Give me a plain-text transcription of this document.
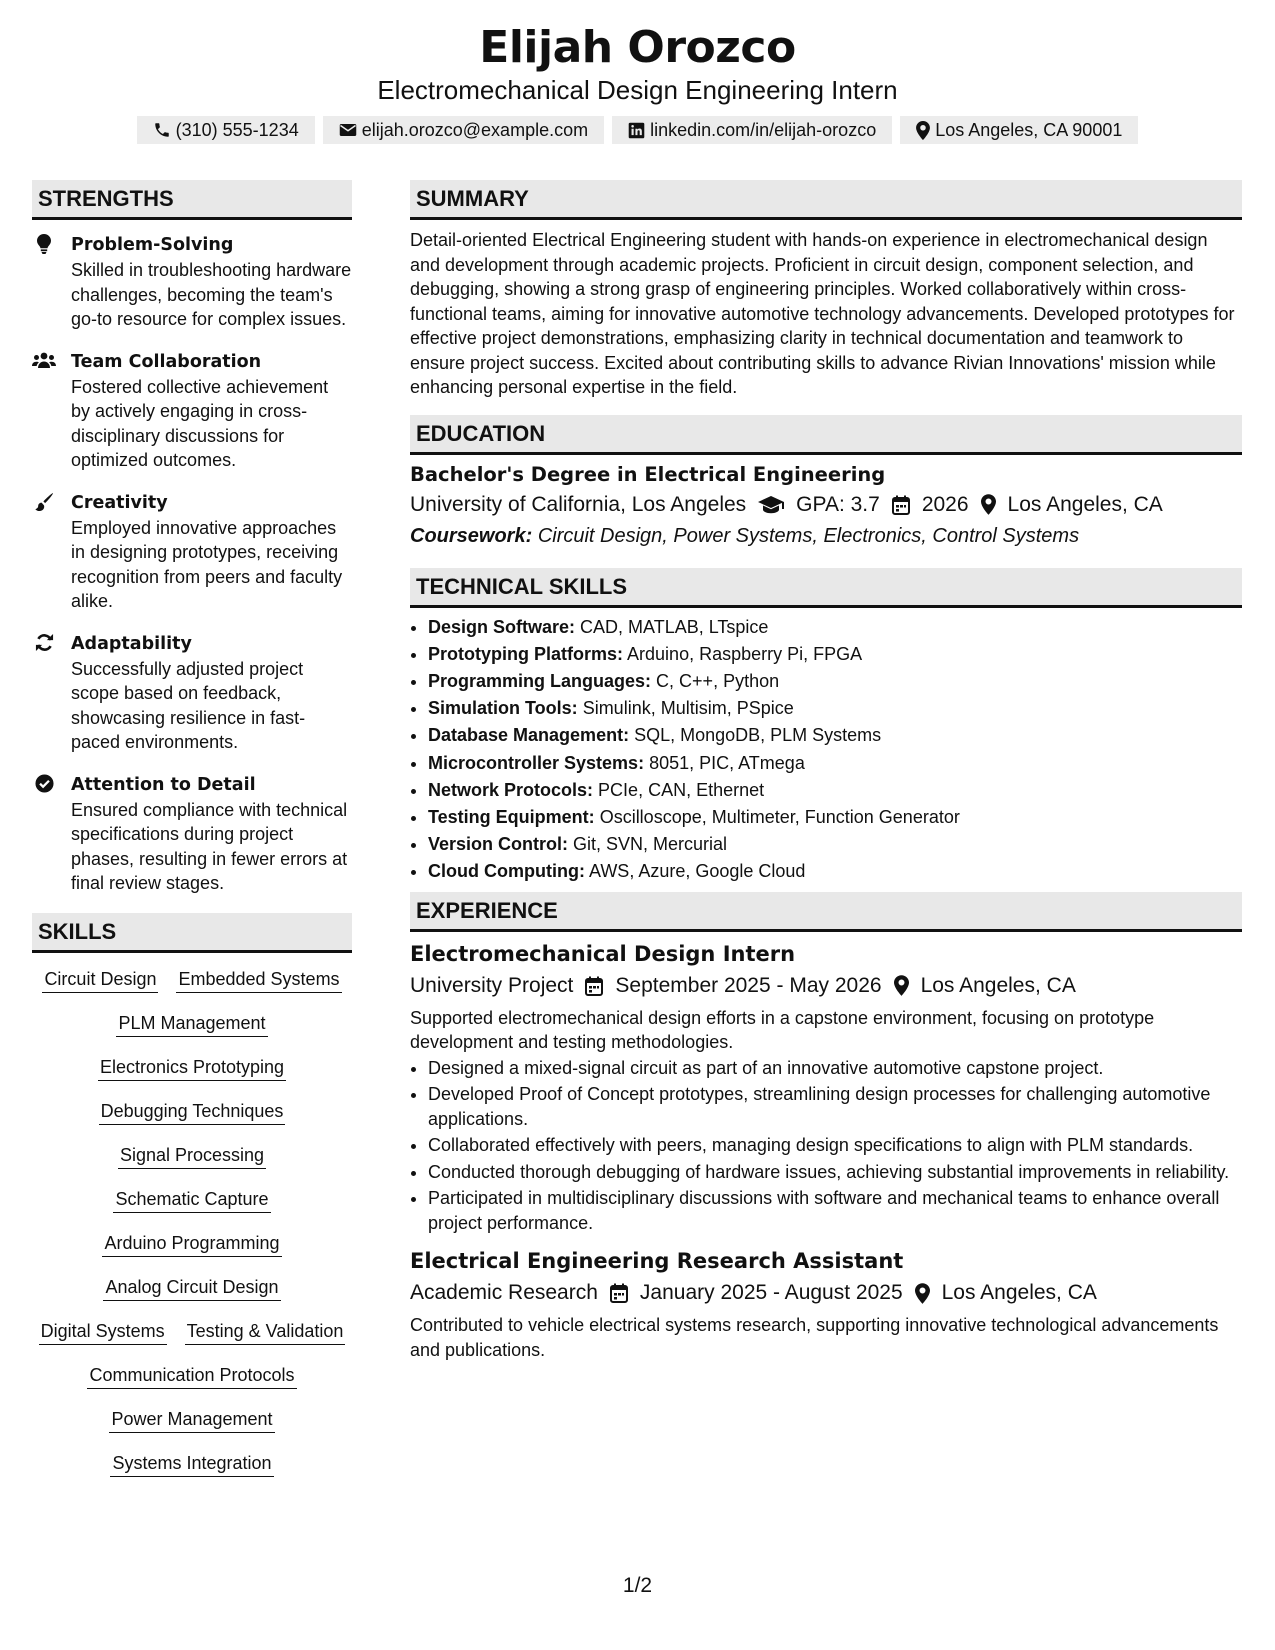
Elijah Orozco
Electromechanical Design Engineering Intern
(310) 555-1234	elijah.orozco@example.com	linkedin.com/in/elijah-orozco	Los Angeles, CA 90001
STRENGTHS
Problem-Solving
Skilled in troubleshooting hardware challenges, becoming the team's go-to resource for complex issues.
Team Collaboration
Fostered collective achievement by actively engaging in cross-disciplinary discussions for optimized outcomes.
Creativity
Employed innovative approaches in designing prototypes, receiving recognition from peers and faculty alike.
Adaptability
Successfully adjusted project scope based on feedback, showcasing resilience in fast-paced environments.
Attention to Detail
Ensured compliance with technical specifications during project phases, resulting in fewer errors at final review stages.
SKILLS
Circuit Design Embedded Systems
PLM Management
Electronics Prototyping
Debugging Techniques
Signal Processing
Schematic Capture
Arduino Programming
Analog Circuit Design
Digital Systems Testing & Validation
Communication Protocols
Power Management
Systems Integration
SUMMARY
Detail-oriented Electrical Engineering student with hands-on experience in electromechanical design and development through academic projects. Proficient in circuit design, component selection, and debugging, showing a strong grasp of engineering principles. Worked collaboratively within cross-functional teams, aiming for innovative automotive technology advancements. Developed prototypes for effective project demonstrations, emphasizing clarity in technical documentation and teamwork to ensure project success. Excited about contributing skills to advance Rivian Innovations' mission while enhancing personal expertise in the field.
EDUCATION
Bachelor's Degree in Electrical Engineering
University of California, Los Angeles GPA: 3.7 2026 Los Angeles, CA
Coursework: Circuit Design, Power Systems, Electronics, Control Systems
TECHNICAL SKILLS
• Design Software: CAD, MATLAB, LTspice
• Prototyping Platforms: Arduino, Raspberry Pi, FPGA
• Programming Languages: C, C++, Python
• Simulation Tools: Simulink, Multisim, PSpice
• Database Management: SQL, MongoDB, PLM Systems
• Microcontroller Systems: 8051, PIC, ATmega
• Network Protocols: PCIe, CAN, Ethernet
• Testing Equipment: Oscilloscope, Multimeter, Function Generator
• Version Control: Git, SVN, Mercurial
• Cloud Computing: AWS, Azure, Google Cloud
EXPERIENCE
Electromechanical Design Intern
University Project September 2025 - May 2026 Los Angeles, CA
Supported electromechanical design efforts in a capstone environment, focusing on prototype development and testing methodologies.
• Designed a mixed-signal circuit as part of an innovative automotive capstone project.
• Developed Proof of Concept prototypes, streamlining design processes for challenging automotive applications.
• Collaborated effectively with peers, managing design specifications to align with PLM standards.
• Conducted thorough debugging of hardware issues, achieving substantial improvements in reliability.
• Participated in multidisciplinary discussions with software and mechanical teams to enhance overall project performance.
Electrical Engineering Research Assistant
Academic Research January 2025 - August 2025 Los Angeles, CA
Contributed to vehicle electrical systems research, supporting innovative technological advancements and publications.
1/2
